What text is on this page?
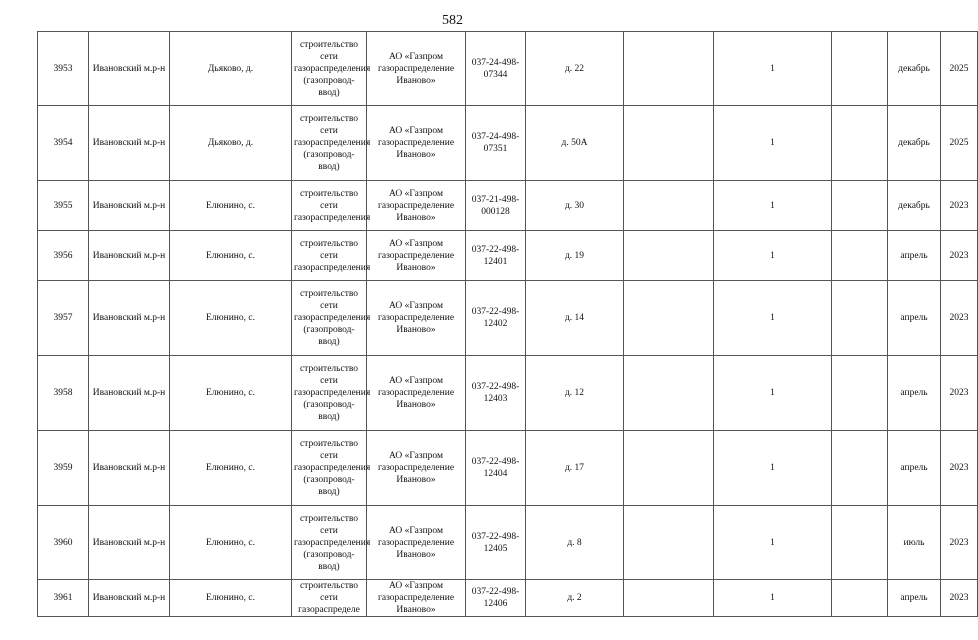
582
3953	Ивановский м.р-н	Дьяково, д.	строительство сети газораспределения (газопровод-ввод)	АО «Газпром газораспределение Иваново»	037-24-498-07344	д. 22		1		декабрь	2025
3954	Ивановский м.р-н	Дьяково, д.	строительство сети газораспределения (газопровод-ввод)	АО «Газпром газораспределение Иваново»	037-24-498-07351	д. 50А		1		декабрь	2025
3955	Ивановский м.р-н	Елюнино, с.	строительство сети газораспределения	АО «Газпром газораспределение Иваново»	037-21-498-000128	д. 30		1		декабрь	2023
3956	Ивановский м.р-н	Елюнино, с.	строительство сети газораспределения	АО «Газпром газораспределение Иваново»	037-22-498-12401	д. 19		1		апрель	2023
3957	Ивановский м.р-н	Елюнино, с.	строительство сети газораспределения (газопровод-ввод)	АО «Газпром газораспределение Иваново»	037-22-498-12402	д. 14		1		апрель	2023
3958	Ивановский м.р-н	Елюнино, с.	строительство сети газораспределения (газопровод-ввод)	АО «Газпром газораспределение Иваново»	037-22-498-12403	д. 12		1		апрель	2023
3959	Ивановский м.р-н	Елюнино, с.	строительство сети газораспределения (газопровод-ввод)	АО «Газпром газораспределение Иваново»	037-22-498-12404	д. 17		1		апрель	2023
3960	Ивановский м.р-н	Елюнино, с.	строительство сети газораспределения (газопровод-ввод)	АО «Газпром газораспределение Иваново»	037-22-498-12405	д. 8		1		июль	2023
3961	Ивановский м.р-н	Елюнино, с.	строительство сети газораспределе	АО «Газпром газораспределение Иваново»	037-22-498-12406	д. 2		1		апрель	2023
